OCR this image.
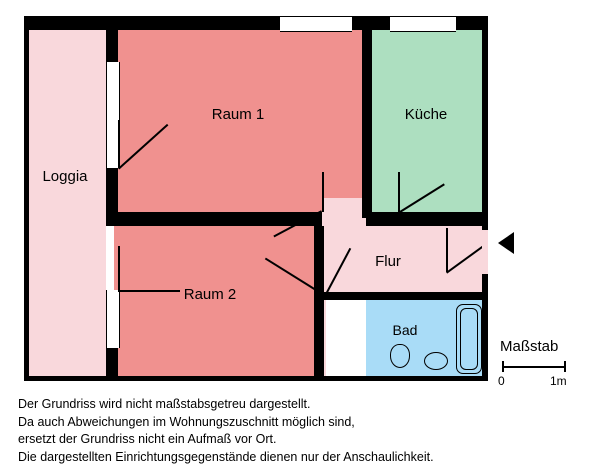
Loggia
Raum 1	Küche
Raum 2
Flur
Bad
Maßstab
0	1m
Der Grundriss wird nicht maßstabsgetreu dargestellt.
Da auch Abweichungen im Wohnungszuschnitt möglich sind,
ersetzt der Grundriss nicht ein Aufmaß vor Ort.
Die dargestellten Einrichtungsgegenstände dienen nur der Anschaulichkeit.
